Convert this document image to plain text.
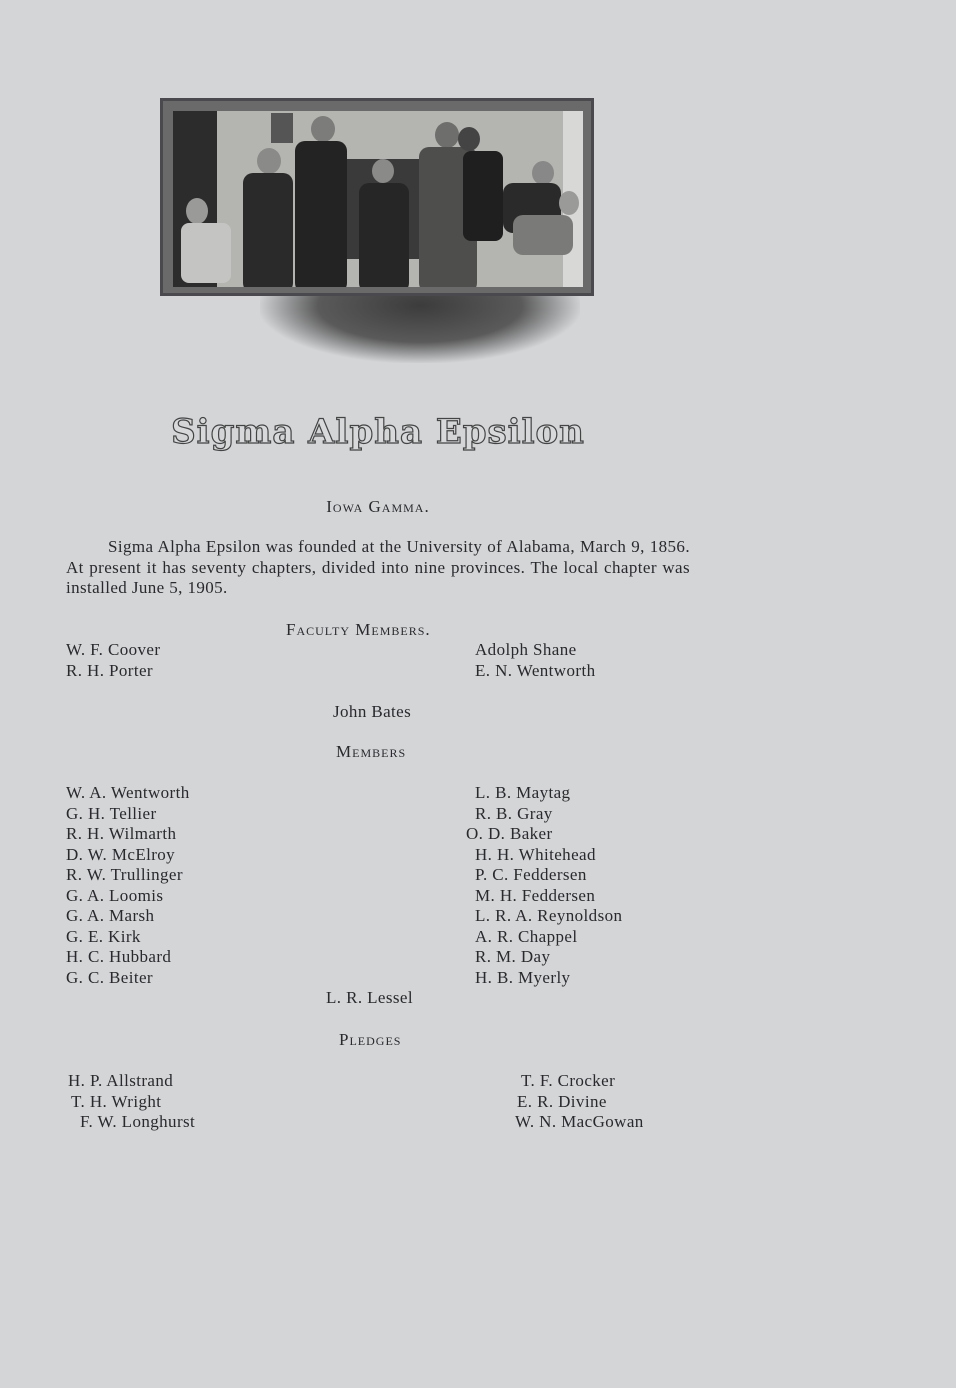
Sigma Alpha Epsilon
Iowa Gamma.
Sigma Alpha Epsilon was founded at the University of Alabama, March 9, 1856. At present it has seventy chapters, divided into nine provinces. The local chapter was installed June 5, 1905.
Faculty Members.
W. F. Coover
R. H. Porter
Adolph Shane
E. N. Wentworth
John Bates
Members
W. A. Wentworth
G. H. Tellier
R. H. Wilmarth
D. W. McElroy
R. W. Trullinger
G. A. Loomis
G. A. Marsh
G. E. Kirk
H. C. Hubbard
G. C. Beiter
L. B. Maytag
R. B. Gray
O. D. Baker
H. H. Whitehead
P. C. Feddersen
M. H. Feddersen
L. R. A. Reynoldson
A. R. Chappel
R. M. Day
H. B. Myerly
L. R. Lessel
Pledges
H. P. Allstrand
T. H. Wright
F. W. Longhurst
T. F. Crocker
E. R. Divine
W. N. MacGowan
